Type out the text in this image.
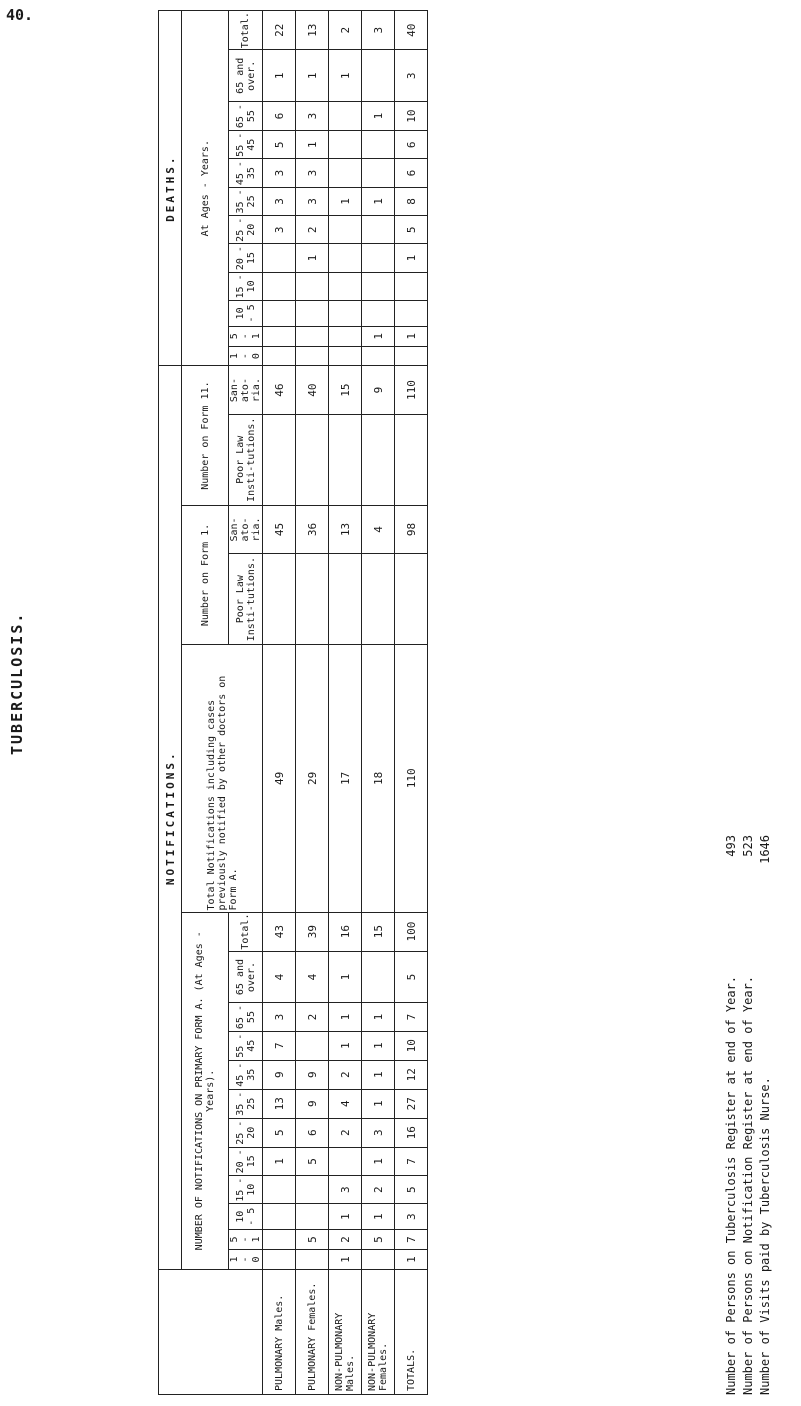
40.
TUBERCULOSIS.
	NOTIFICATIONS.																	DEATHS.											
	NUMBER OF NOTIFICATIONS ON PRIMARY FORM A. (At Ages - Years).												Total Notifications including cases previously notified by other doctors on Form A.	Number on Form 1.		Number on Form 11.		At Ages - Years.											
	1 - 0	5 - 1	10 - 5	15 - 10	20 - 15	25 - 20	35 - 25	45 - 35	55 - 45	65 - 55	65 and over.	Total.		Poor Law Insti-tutions.	San-ato-ria.	Poor Law Insti-tutions.	San-ato-ria.	1 - 0	5 - 1	10 - 5	15 - 10	20 - 15	25 - 20	35 - 25	45 - 35	55 - 45	65 - 55	65 and over.	Total.
PULMONARY Males.					1	5	13	9	7	3	4	43	49		45		46						3	3	3	5	6	1	22
PULMONARY Females.		5			5	6	9	9		2	4	39	29		36		40					1	2	3	3	1	3	1	13
NON-PULMONARY Males.	1	2	1	3		2	4	2	1	1	1	16	17		13		15							1				1	2
NON-PULMONARY Females.		5	1	2	1	3	1	1	1	1		15	18		4		9		1					1			1		3
TOTALS.	1	7	3	5	7	16	27	12	10	7	5	100	110		98		110		1			1	5	8	6	6	10	3	40
Number of Persons on Tuberculosis Register at end of Year.
493
Number of Persons on Notification Register at end of Year.
523
Number of Visits paid by Tuberculosis Nurse.
1646
